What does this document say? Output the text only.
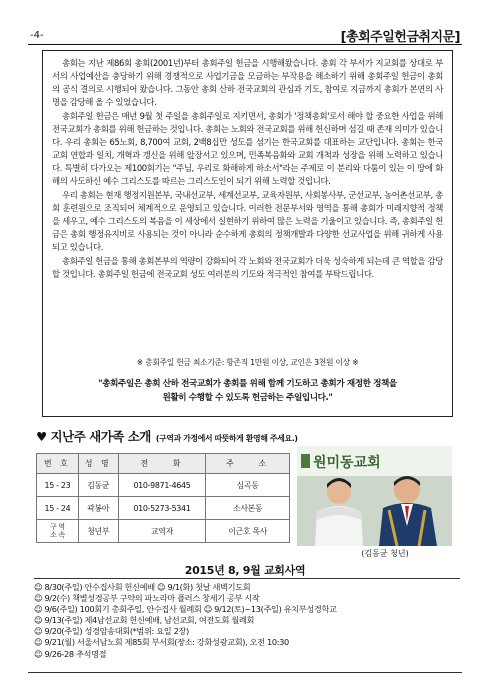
-4-	[총회주일헌금취지문]

총회는 지난 제86회 총회(2001년)부터 총회주일 헌금을 시행해왔습니다. 총회 각 부서가 지교회를 상대로 부서의 사업예산을 충당하기 위해 경쟁적으로 사업기금을 모금하는 부작용을 해소하기 위해 총회주일 헌금이 총회의 공식 결의로 시행되어 왔습니다. 그동안 총회 산하 전국교회의 관심과 기도, 참여로 지금까지 총회가 본연의 사명을 감당해 올 수 있었습니다.

총회주일 헌금은 매년 9월 첫 주일을 총회주일로 지키면서, 총회가 '정책총회'로서 해야 할 중요한 사업을 위해 전국교회가 총회를 위해 헌금하는 것입니다. 총회는 노회와 전국교회를 위해 헌신하며 섬길 때 존재 의미가 있습니다. 우리 총회는 65노회, 8,700여 교회, 2백8십만 성도를 섬기는 한국교회를 대표하는 교단입니다. 총회는 한국교회 연합과 일치, 개혁과 갱신을 위해 앞장서고 있으며, 민족복음화와 교회 개척과 성장을 위해 노력하고 있습니다. 특별히 다가오는 제100회기는 "주님, 우리로 화해하게 하소서"라는 주제로 이 분리와 다툼이 있는 이 땅에 화해의 사도하신 예수 그리스도를 따르는 그리스도인이 되기 위해 노력할 것입니다.

우리 총회는 현재 행정지원본부, 국내선교부, 세계선교부, 교육자원부, 사회봉사부, 군선교부, 농어촌선교부, 총회 훈련원으로 조직되어 체계적으로 운영되고 있습니다. 이러한 전문부서와 영역을 통해 총회가 미래지향적 정책을 세우고, 예수 그리스도의 복음을 이 세상에서 실현하기 위하여 많은 노력을 기울이고 있습니다. 즉, 총회주일 헌금은 총회 행정유지비로 사용되는 것이 아니라 순수하게 총회의 정책개발과 다양한 선교사업을 위해 귀하게 사용되고 있습니다.

총회주일 헌금을 통해 총회본부의 역량이 강화되어 각 노회와 전국교회가 더욱 성숙하게 되는데 큰 역할을 감당할 것입니다. 총회주일 헌금에 전국교회 성도 여러분의 기도와 적극적인 참여를 부탁드립니다.

※ 총회주일 헌금 최소기준: 항존직 1만원 이상, 교인은 3천원 이상 ※
"총회주일은 총회 산하 전국교회가 총회를 위해 함께 기도하고 총회가 재정한 정책을
원활히 수행할 수 있도록 헌금하는 주일입니다."
♥ 지난주 새가족 소개 (구역과 가정에서 따뜻하게 환영해 주세요.)
번 호	성 명	전　　화	주　　소
15 - 23	김동균	010-9871-4645	심곡동
15 - 24	곽봉아	010-5273-5341	소사본동
구 역
소 속	청년부	교역자	이근호 목사
원미동교회
(김동균 청년)
2015년 8, 9월 교회사역
☺ 8/30(주일) 안수집사회 헌신예배 ☺ 9/1(화) 첫날 새벽기도회
☺ 9/2(수) 책별성경공부 구약의 파노라마 플러스 창세기 공부 시작
☺ 9/6(주일) 100회기 총회주일, 안수집사 월례회 ☺ 9/12(토)~13(주일) 유치부성경학교
☺ 9/13(주일) 제4남선교회 헌신예배, 남선교회, 여전도회 월례회
☺ 9/20(주일) 성경암송대회(*범위: 요일 2장)
☺ 9/21(월) 서울서남노회 제85회 부서회(장소: 강화성광교회), 오전 10:30
☺ 9/26-28 추석명절
